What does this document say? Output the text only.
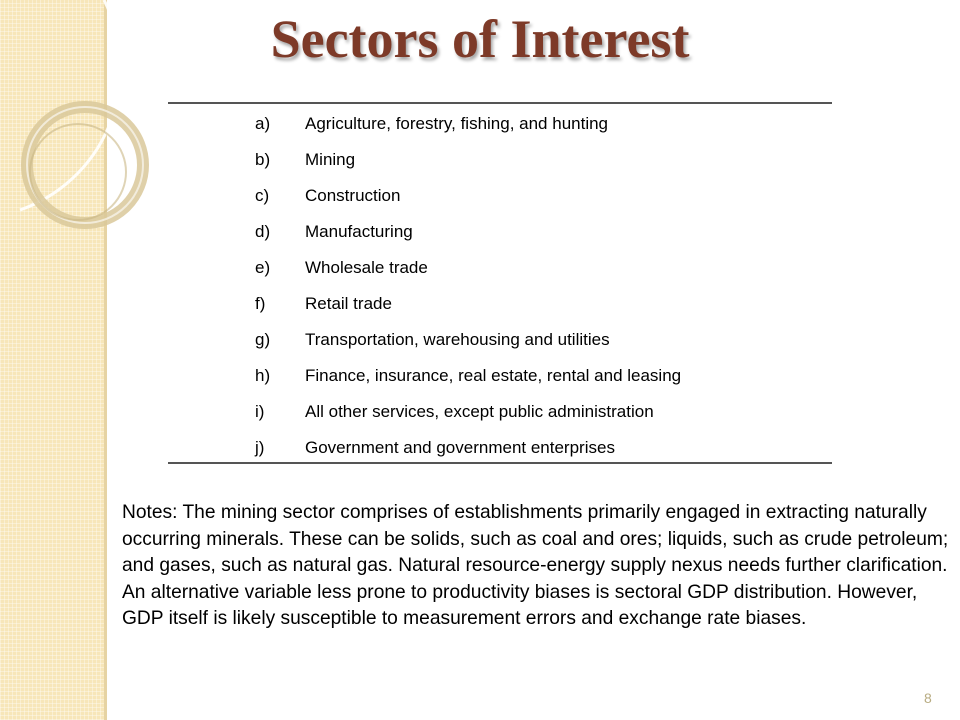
Sectors of Interest
a) Agriculture, forestry, fishing, and hunting
b) Mining
c) Construction
d) Manufacturing
e) Wholesale trade
f) Retail trade
g) Transportation, warehousing and utilities
h) Finance, insurance, real estate, rental and leasing
i) All other services, except public administration
j) Government and government enterprises

Notes: The mining sector comprises of establishments primarily engaged in extracting naturally occurring minerals. These can be solids, such as coal and ores; liquids, such as crude petroleum; and gases, such as natural gas. Natural resource-energy supply nexus needs further clarification. An alternative variable less prone to productivity biases is sectoral GDP distribution. However, GDP itself is likely susceptible to measurement errors and exchange rate biases.

8
